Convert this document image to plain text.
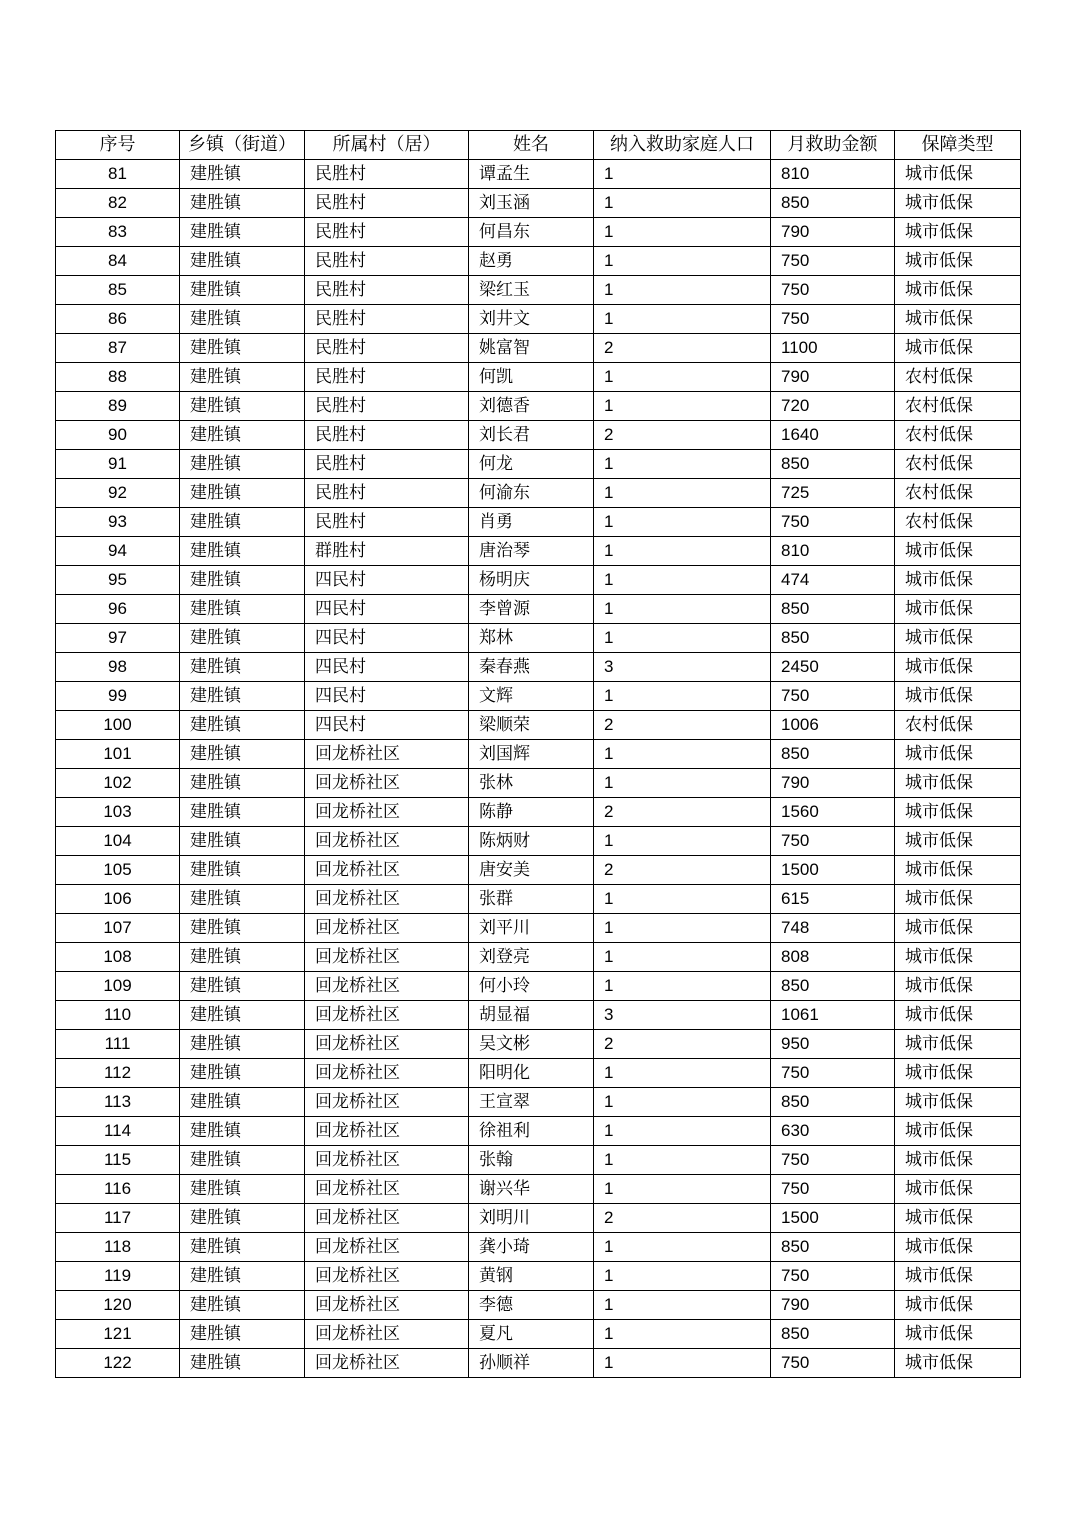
序号	乡镇（街道）	所属村（居）	姓名	纳入救助家庭人口	月救助金额	保障类型
81	建胜镇	民胜村	谭孟生	1	810	城市低保
82	建胜镇	民胜村	刘玉涵	1	850	城市低保
83	建胜镇	民胜村	何昌东	1	790	城市低保
84	建胜镇	民胜村	赵勇	1	750	城市低保
85	建胜镇	民胜村	梁红玉	1	750	城市低保
86	建胜镇	民胜村	刘井文	1	750	城市低保
87	建胜镇	民胜村	姚富智	2	1100	城市低保
88	建胜镇	民胜村	何凯	1	790	农村低保
89	建胜镇	民胜村	刘德香	1	720	农村低保
90	建胜镇	民胜村	刘长君	2	1640	农村低保
91	建胜镇	民胜村	何龙	1	850	农村低保
92	建胜镇	民胜村	何渝东	1	725	农村低保
93	建胜镇	民胜村	肖勇	1	750	农村低保
94	建胜镇	群胜村	唐治琴	1	810	城市低保
95	建胜镇	四民村	杨明庆	1	474	城市低保
96	建胜镇	四民村	李曾源	1	850	城市低保
97	建胜镇	四民村	郑林	1	850	城市低保
98	建胜镇	四民村	秦春燕	3	2450	城市低保
99	建胜镇	四民村	文辉	1	750	城市低保
100	建胜镇	四民村	梁顺荣	2	1006	农村低保
101	建胜镇	回龙桥社区	刘国辉	1	850	城市低保
102	建胜镇	回龙桥社区	张林	1	790	城市低保
103	建胜镇	回龙桥社区	陈静	2	1560	城市低保
104	建胜镇	回龙桥社区	陈炳财	1	750	城市低保
105	建胜镇	回龙桥社区	唐安美	2	1500	城市低保
106	建胜镇	回龙桥社区	张群	1	615	城市低保
107	建胜镇	回龙桥社区	刘平川	1	748	城市低保
108	建胜镇	回龙桥社区	刘登亮	1	808	城市低保
109	建胜镇	回龙桥社区	何小玲	1	850	城市低保
110	建胜镇	回龙桥社区	胡显福	3	1061	城市低保
111	建胜镇	回龙桥社区	吴文彬	2	950	城市低保
112	建胜镇	回龙桥社区	阳明化	1	750	城市低保
113	建胜镇	回龙桥社区	王宣翠	1	850	城市低保
114	建胜镇	回龙桥社区	徐祖利	1	630	城市低保
115	建胜镇	回龙桥社区	张翰	1	750	城市低保
116	建胜镇	回龙桥社区	谢兴华	1	750	城市低保
117	建胜镇	回龙桥社区	刘明川	2	1500	城市低保
118	建胜镇	回龙桥社区	龚小琦	1	850	城市低保
119	建胜镇	回龙桥社区	黄钢	1	750	城市低保
120	建胜镇	回龙桥社区	李德	1	790	城市低保
121	建胜镇	回龙桥社区	夏凡	1	850	城市低保
122	建胜镇	回龙桥社区	孙顺祥	1	750	城市低保
